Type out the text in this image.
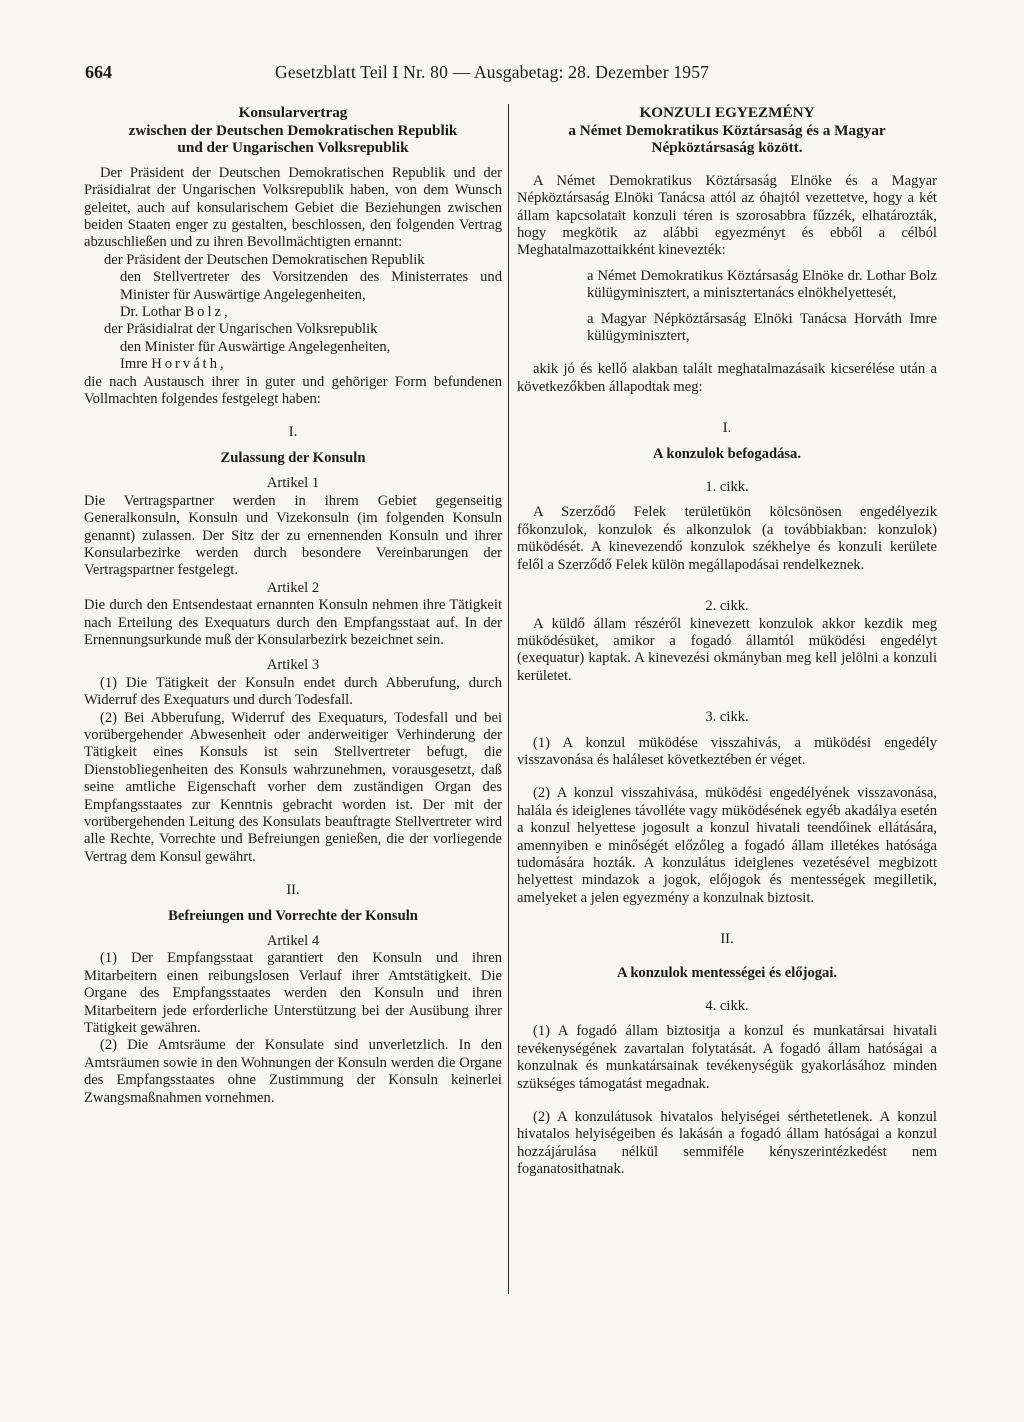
664	Gesetzblatt Teil I Nr. 80 — Ausgabetag: 28. Dezember 1957

Konsularvertrag

zwischen der Deutschen Demokratischen Republik

und der Ungarischen Volksrepublik

Der Präsident der Deutschen Demokratischen Republik und der Präsidialrat der Ungarischen Volksrepublik haben, von dem Wunsch geleitet, auch auf konsularischem Gebiet die Beziehungen zwischen beiden Staaten enger zu gestalten, beschlossen, den folgenden Vertrag abzuschließen und zu ihren Bevollmächtigten ernannt:

der Präsident der Deutschen Demokratischen Republik

den Stellvertreter des Vorsitzenden des Ministerrates und Minister für Auswärtige Angelegenheiten,

Dr. Lothar Bolz,

der Präsidialrat der Ungarischen Volksrepublik

den Minister für Auswärtige Angelegenheiten,

Imre Horváth,

die nach Austausch ihrer in guter und gehöriger Form befundenen Vollmachten folgendes festgelegt haben:

I.

Zulassung der Konsuln

Artikel 1

Die Vertragspartner werden in ihrem Gebiet gegenseitig Generalkonsuln, Konsuln und Vizekonsuln (im folgenden Konsuln genannt) zulassen. Der Sitz der zu ernennenden Konsuln und ihrer Konsularbezirke werden durch besondere Vereinbarungen der Vertragspartner festgelegt.

Artikel 2

Die durch den Entsendestaat ernannten Konsuln nehmen ihre Tätigkeit nach Erteilung des Exequaturs durch den Empfangsstaat auf. In der Ernennungsurkunde muß der Konsularbezirk bezeichnet sein.

Artikel 3

(1) Die Tätigkeit der Konsuln endet durch Abberufung, durch Widerruf des Exequaturs und durch Todesfall.

(2) Bei Abberufung, Widerruf des Exequaturs, Todesfall und bei vorübergehender Abwesenheit oder anderweitiger Verhinderung der Tätigkeit eines Konsuls ist sein Stellvertreter befugt, die Dienstobliegenheiten des Konsuls wahrzunehmen, vorausgesetzt, daß seine amtliche Eigenschaft vorher dem zuständigen Organ des Empfangsstaates zur Kenntnis gebracht worden ist. Der mit der vorübergehenden Leitung des Konsulats beauftragte Stellvertreter wird alle Rechte, Vorrechte und Befreiungen genießen, die der vorliegende Vertrag dem Konsul gewährt.

II.

Befreiungen und Vorrechte der Konsuln

Artikel 4

(1) Der Empfangsstaat garantiert den Konsuln und ihren Mitarbeitern einen reibungslosen Verlauf ihrer Amtstätigkeit. Die Organe des Empfangsstaates werden den Konsuln und ihren Mitarbeitern jede erforderliche Unterstützung bei der Ausübung ihrer Tätigkeit gewähren.

(2) Die Amtsräume der Konsulate sind unverletzlich. In den Amtsräumen sowie in den Wohnungen der Konsuln werden die Organe des Empfangsstaates ohne Zustimmung der Konsuln keinerlei Zwangsmaßnahmen vornehmen.

KONZULI EGYEZMÉNY

a Német Demokratikus Köztársaság és a Magyar

Népköztársaság között.

A Német Demokratikus Köztársaság Elnöke és a Magyar Népköztársaság Elnöki Tanácsa attól az óhajtól vezettetve, hogy a két állam kapcsolatait konzuli téren is szorosabbra fűzzék, elhatározták, hogy megkötik az alábbi egyezményt és ebből a célból Meghatalmazottaikként kinevezték:

a Német Demokratikus Köztársaság Elnöke dr. Lothar Bolz külügyminisztert, a minisztertanács elnökhelyettesét,

a Magyar Népköztársaság Elnöki Tanácsa Horváth Imre külügyminisztert,

akik jó és kellő alakban talált meghatalmazásaik kicserélése után a következőkben állapodtak meg:

I.

A konzulok befogadása.

1. cikk.

A Szerződő Felek területükön kölcsönösen engedélyezik főkonzulok, konzulok és alkonzulok (a továbbiakban: konzulok) müködését. A kinevezendő konzulok székhelye és konzuli kerülete felől a Szerződő Felek külön megállapodásai rendelkeznek.

2. cikk.

A küldő állam részéről kinevezett konzulok akkor kezdik meg müködésüket, amikor a fogadó államtól müködési engedélyt (exequatur) kaptak. A kinevezési okmányban meg kell jelölni a konzuli kerületet.

3. cikk.

(1) A konzul müködése visszahivás, a müködési engedély visszavonása és haláleset következtében ér véget.

(2) A konzul visszahivása, müködési engedélyének visszavonása, halála és ideiglenes távolléte vagy müködésének egyéb akadálya esetén a konzul helyettese jogosult a konzul hivatali teendőinek ellátására, amennyiben e minőségét előzőleg a fogadó állam illetékes hatósága tudomására hozták. A konzulátus ideiglenes vezetésével megbizott helyettest mindazok a jogok, előjogok és mentességek megilletik, amelyeket a jelen egyezmény a konzulnak biztosit.

II.

A konzulok mentességei és előjogai.

4. cikk.

(1) A fogadó állam biztositja a konzul és munkatársai hivatali tevékenységének zavartalan folytatását. A fogadó állam hatóságai a konzulnak és munkatársainak tevékenységük gyakorlásához minden szükséges támogatást megadnak.

(2) A konzulátusok hivatalos helyiségei sérthetetlenek. A konzul hivatalos helyiségeiben és lakásán a fogadó állam hatóságai a konzul hozzájárulása nélkül semmiféle kényszerintézkedést nem foganatosithatnak.
